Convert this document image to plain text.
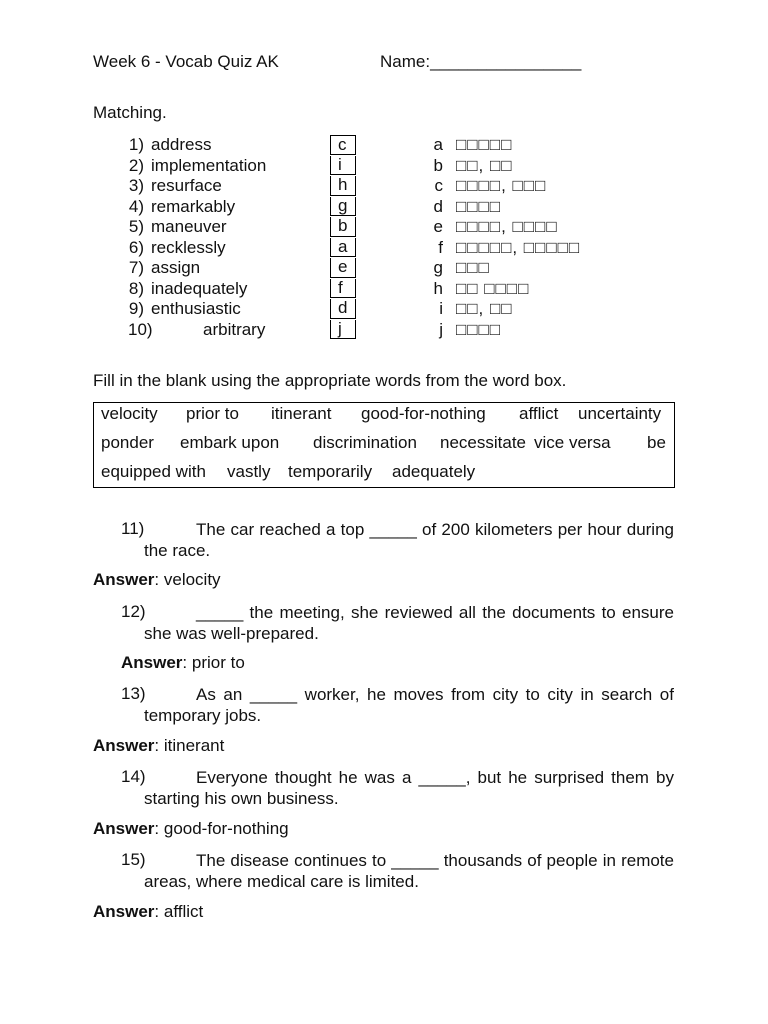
Week 6 - Vocab Quiz AK	Name:________________
Matching.
1) address	c	a □□□□□
2) implementation	i	b □□, □□
3) resurface	h	c □□□□, □□□
4) remarkably	g	d □□□□
5) maneuver	b	e □□□□, □□□□
6) recklessly	a	f □□□□□, □□□□□
7) assign	e	g □□□
8) inadequately	f	h □□ □□□□
9) enthusiastic	d	i □□, □□
10)	arbitrary	j	j □□□□
Fill in the blank using the appropriate words from the word box.
velocity prior to itinerant good-for-nothing afflict uncertainty
ponder embark upon discrimination necessitate vice versa be
equipped with vastly temporarily adequately
11)	The car reached a top _____ of 200 kilometers per hour during the race.
Answer: velocity
12)	_____ the meeting, she reviewed all the documents to ensure she was well-prepared.
Answer: prior to
13)	As an _____ worker, he moves from city to city in search of temporary jobs.
Answer: itinerant
14)	Everyone thought he was a _____, but he surprised them by starting his own business.
Answer: good-for-nothing
15)	The disease continues to _____ thousands of people in remote areas, where medical care is limited.
Answer: afflict
